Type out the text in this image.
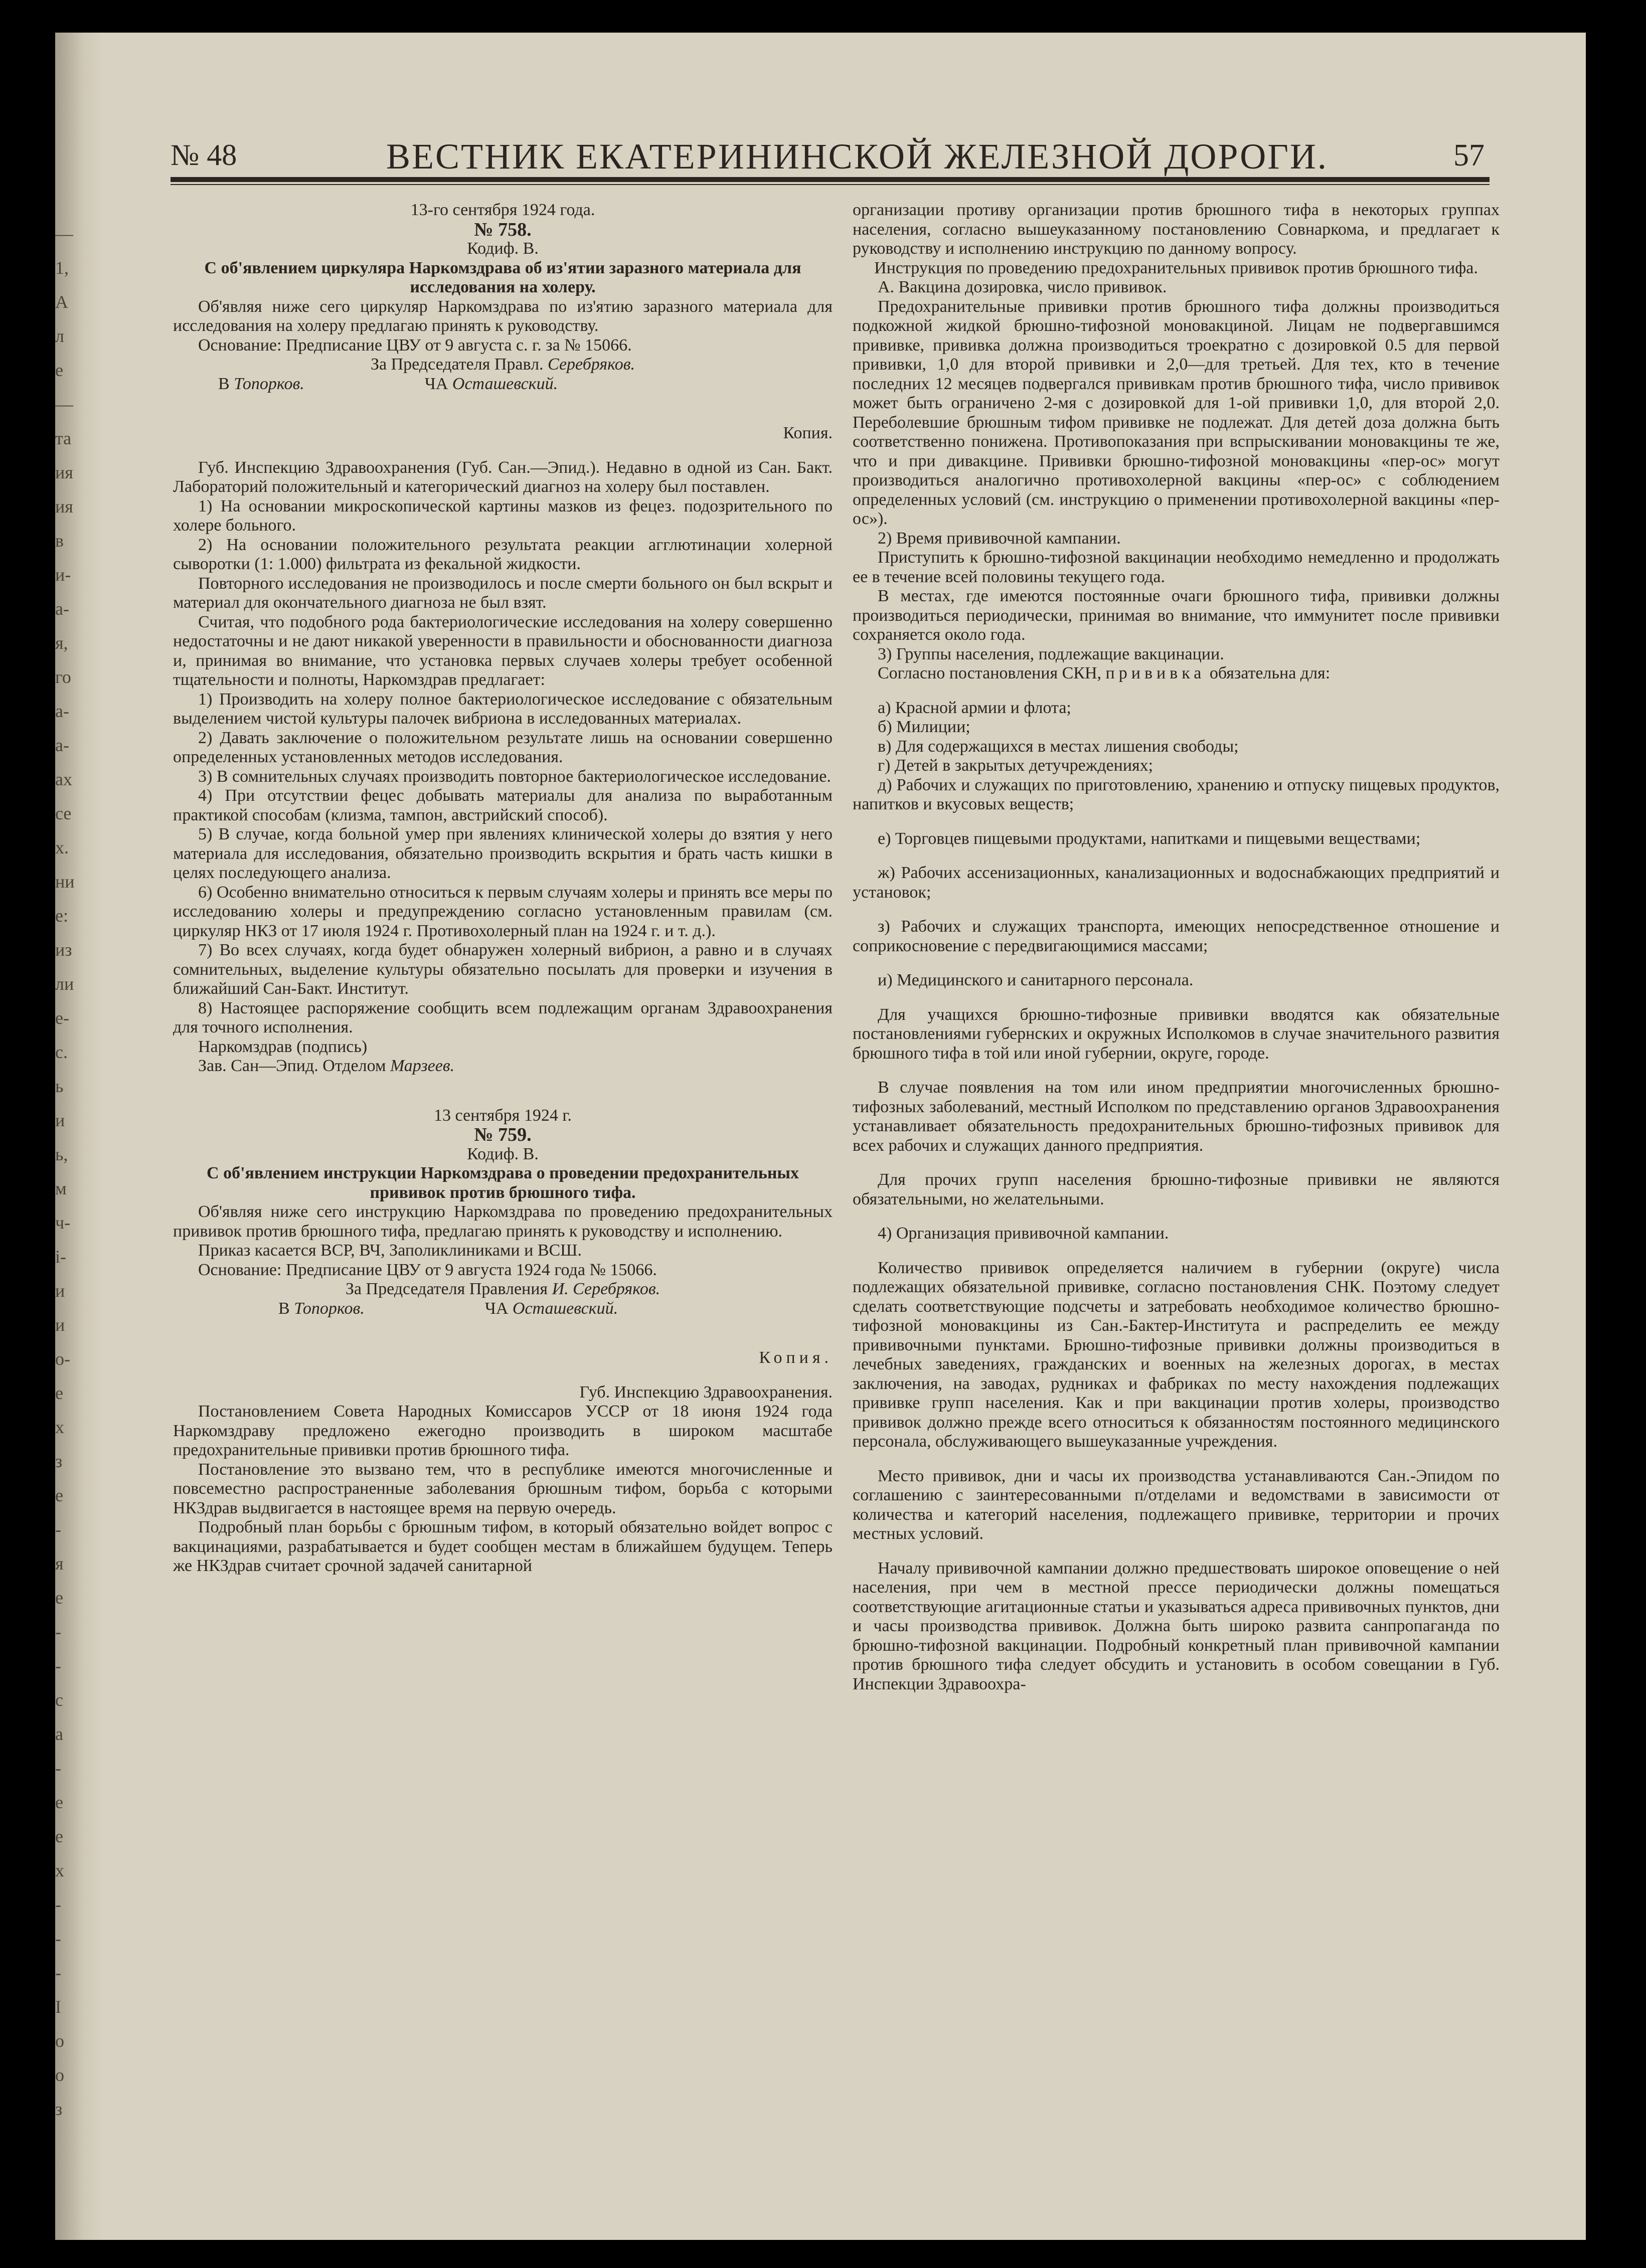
—
1,
А
л
е
—
та
ия
ия
в
и-
а-
я,
го
а-
а-
ах
се
х.
ни
е:
из
ли
е-
с.
ь
и
ь,
м
ч-
і-
и
и
о-
е
х
з
е
-
я
е
-
-
с
а
-
е
е
х
-
-
-
I
о
о
з
№ 48	ВЕСТНИК ЕКАТЕРИНИНСКОЙ ЖЕЛЕЗНОЙ ДОРОГИ.	57

13-го сентября 1924 года.

№ 758.

Кодиф. В.

С об'явлением циркуляра Наркомздрава об из'ятии заразного материала для исследования на холеру.

Об'являя ниже сего циркуляр Наркомздрава по из'ятию заразного материала для исследования на холеру предлагаю принять к руководству.

Основание: Предписание ЦВУ от 9 августа с. г. за № 15066.

За Председателя Правл. Серебряков.

В Топорков.	ЧА Осташевский.

Копия.

Губ. Инспекцию Здравоохранения (Губ. Сан.—Эпид.). Недавно в одной из Сан. Бакт. Лабораторий положительный и категорический диагноз на холеру был поставлен.

1) На основании микроскопической картины мазков из фецез. подозрительного по холере больного.

2) На основании положительного результата реакции агглютинации холерной сыворотки (1: 1.000) фильтрата из фекальной жидкости.

Повторного исследования не производилось и после смерти больного он был вскрыт и материал для окончательного диагноза не был взят.

Считая, что подобного рода бактериологические исследования на холеру совершенно недостаточны и не дают никакой уверенности в правильности и обоснованности диагноза и, принимая во внимание, что установка первых случаев холеры требует особенной тщательности и полноты, Наркомздрав предлагает:

1) Производить на холеру полное бактериологическое исследование с обязательным выделением чистой культуры палочек вибриона в исследованных материалах.

2) Давать заключение о положительном результате лишь на основании совершенно определенных установленных методов исследования.

3) В сомнительных случаях производить повторное бактериологическое исследование.

4) При отсутствии фецес добывать материалы для анализа по выработанным практикой способам (клизма, тампон, австрийский способ).

5) В случае, когда больной умер при явлениях клинической холеры до взятия у него материала для исследования, обязательно производить вскрытия и брать часть кишки в целях последующего анализа.

6) Особенно внимательно относиться к первым случаям холеры и принять все меры по исследованию холеры и предупреждению согласно установленным правилам (см. циркуляр НКЗ от 17 июля 1924 г. Противохолерный план на 1924 г. и т. д.).

7) Во всех случаях, когда будет обнаружен холерный вибрион, а равно и в случаях сомнительных, выделение культуры обязательно посылать для проверки и изучения в ближайший Сан-Бакт. Институт.

8) Настоящее распоряжение сообщить всем подлежащим органам Здравоохранения для точного исполнения.

Наркомздрав (подпись)

Зав. Сан—Эпид. Отделом Марзеев.

13 сентября 1924 г.

№ 759.

Кодиф. В.

С об'явлением инструкции Наркомздрава о проведении предохранительных прививок против брюшного тифа.

Об'являя ниже сего инструкцию Наркомздрава по проведению предохранительных прививок против брюшного тифа, предлагаю принять к руководству и исполнению.

Приказ касается ВСР, ВЧ, Заполиклиниками и ВСШ.

Основание: Предписание ЦВУ от 9 августа 1924 года № 15066.

За Председателя Правления И. Серебряков.

В Топорков.	ЧА Осташевский.

Копия.

Губ. Инспекцию Здравоохранения.

Постановлением Совета Народных Комиссаров УССР от 18 июня 1924 года Наркомздраву предложено ежегодно производить в широком масштабе предохранительные прививки против брюшного тифа.

Постановление это вызвано тем, что в республике имеются многочисленные и повсеместно распространенные заболевания брюшным тифом, борьба с которыми НКЗдрав выдвигается в настоящее время на первую очередь.

Подробный план борьбы с брюшным тифом, в который обязательно войдет вопрос с вакцинациями, разрабатывается и будет сообщен местам в ближайшем будущем. Теперь же НКЗдрав считает срочной задачей санитарной

организации противу организации против брюшного тифа в некоторых группах населения, согласно вышеуказанному постановлению Совнаркома, и предлагает к руководству и исполнению инструкцию по данному вопросу.

Инструкция по проведению предохранительных прививок против брюшного тифа.

А. Вакцина дозировка, число прививок.

Предохранительные прививки против брюшного тифа должны производиться подкожной жидкой брюшно-тифозной моновакциной. Лицам не подвергавшимся прививке, прививка должна производиться троекратно с дозировкой 0.5 для первой прививки, 1,0 для второй прививки и 2,0—для третьей. Для тех, кто в течение последних 12 месяцев подвергался прививкам против брюшного тифа, число прививок может быть ограничено 2-мя с дозировкой для 1-ой прививки 1,0, для второй 2,0. Переболевшие брюшным тифом прививке не подлежат. Для детей доза должна быть соответственно понижена. Противопоказания при вспрыскивании моновакцины те же, что и при дивакцине. Прививки брюшно-тифозной моновакцины «пер-ос» могут производиться аналогично противохолерной вакцины «пер-ос» с соблюдением определенных условий (см. инструкцию о применении противохолерной вакцины «пер-ос»).

2) Время прививочной кампании.

Приступить к брюшно-тифозной вакцинации необходимо немедленно и продолжать ее в течение всей половины текущего года.

В местах, где имеются постоянные очаги брюшного тифа, прививки должны производиться периодически, принимая во внимание, что иммунитет после прививки сохраняется около года.

3) Группы населения, подлежащие вакцинации.

Согласно постановления СКН, прививка обязательна для:

а) Красной армии и флота;

б) Милиции;

в) Для содержащихся в местах лишения свободы;

г) Детей в закрытых детучреждениях;

д) Рабочих и служащих по приготовлению, хранению и отпуску пищевых продуктов, напитков и вкусовых веществ;

е) Торговцев пищевыми продуктами, напитками и пищевыми веществами;

ж) Рабочих ассенизационных, канализационных и водоснабжающих предприятий и установок;

з) Рабочих и служащих транспорта, имеющих непосредственное отношение и соприкосновение с передвигающимися массами;

и) Медицинского и санитарного персонала.

Для учащихся брюшно-тифозные прививки вводятся как обязательные постановлениями губернских и окружных Исполкомов в случае значительного развития брюшного тифа в той или иной губернии, округе, городе.

В случае появления на том или ином предприятии многочисленных брюшно-тифозных заболеваний, местный Исполком по представлению органов Здравоохранения устанавливает обязательность предохранительных брюшно-тифозных прививок для всех рабочих и служащих данного предприятия.

Для прочих групп населения брюшно-тифозные прививки не являются обязательными, но желательными.

4) Организация прививочной кампании.

Количество прививок определяется наличием в губернии (округе) числа подлежащих обязательной прививке, согласно постановления СНК. Поэтому следует сделать соответствующие подсчеты и затребовать необходимое количество брюшно-тифозной моновакцины из Сан.-Бактер-Института и распределить ее между прививочными пунктами. Брюшно-тифозные прививки должны производиться в лечебных заведениях, гражданских и военных на железных дорогах, в местах заключения, на заводах, рудниках и фабриках по месту нахождения подлежащих прививке групп населения. Как и при вакцинации против холеры, производство прививок должно прежде всего относиться к обязанностям постоянного медицинского персонала, обслуживающего вышеуказанные учреждения.

Место прививок, дни и часы их производства устанавливаются Сан.-Эпидом по соглашению с заинтересованными п/отделами и ведомствами в зависимости от количества и категорий населения, подлежащего прививке, территории и прочих местных условий.

Началу прививочной кампании должно предшествовать широкое оповещение о ней населения, при чем в местной прессе периодически должны помещаться соответствующие агитационные статьи и указываться адреса прививочных пунктов, дни и часы производства прививок. Должна быть широко развита санпропаганда по брюшно-тифозной вакцинации. Подробный конкретный план прививочной кампании против брюшного тифа следует обсудить и установить в особом совещании в Губ. Инспекции Здравоохра-
